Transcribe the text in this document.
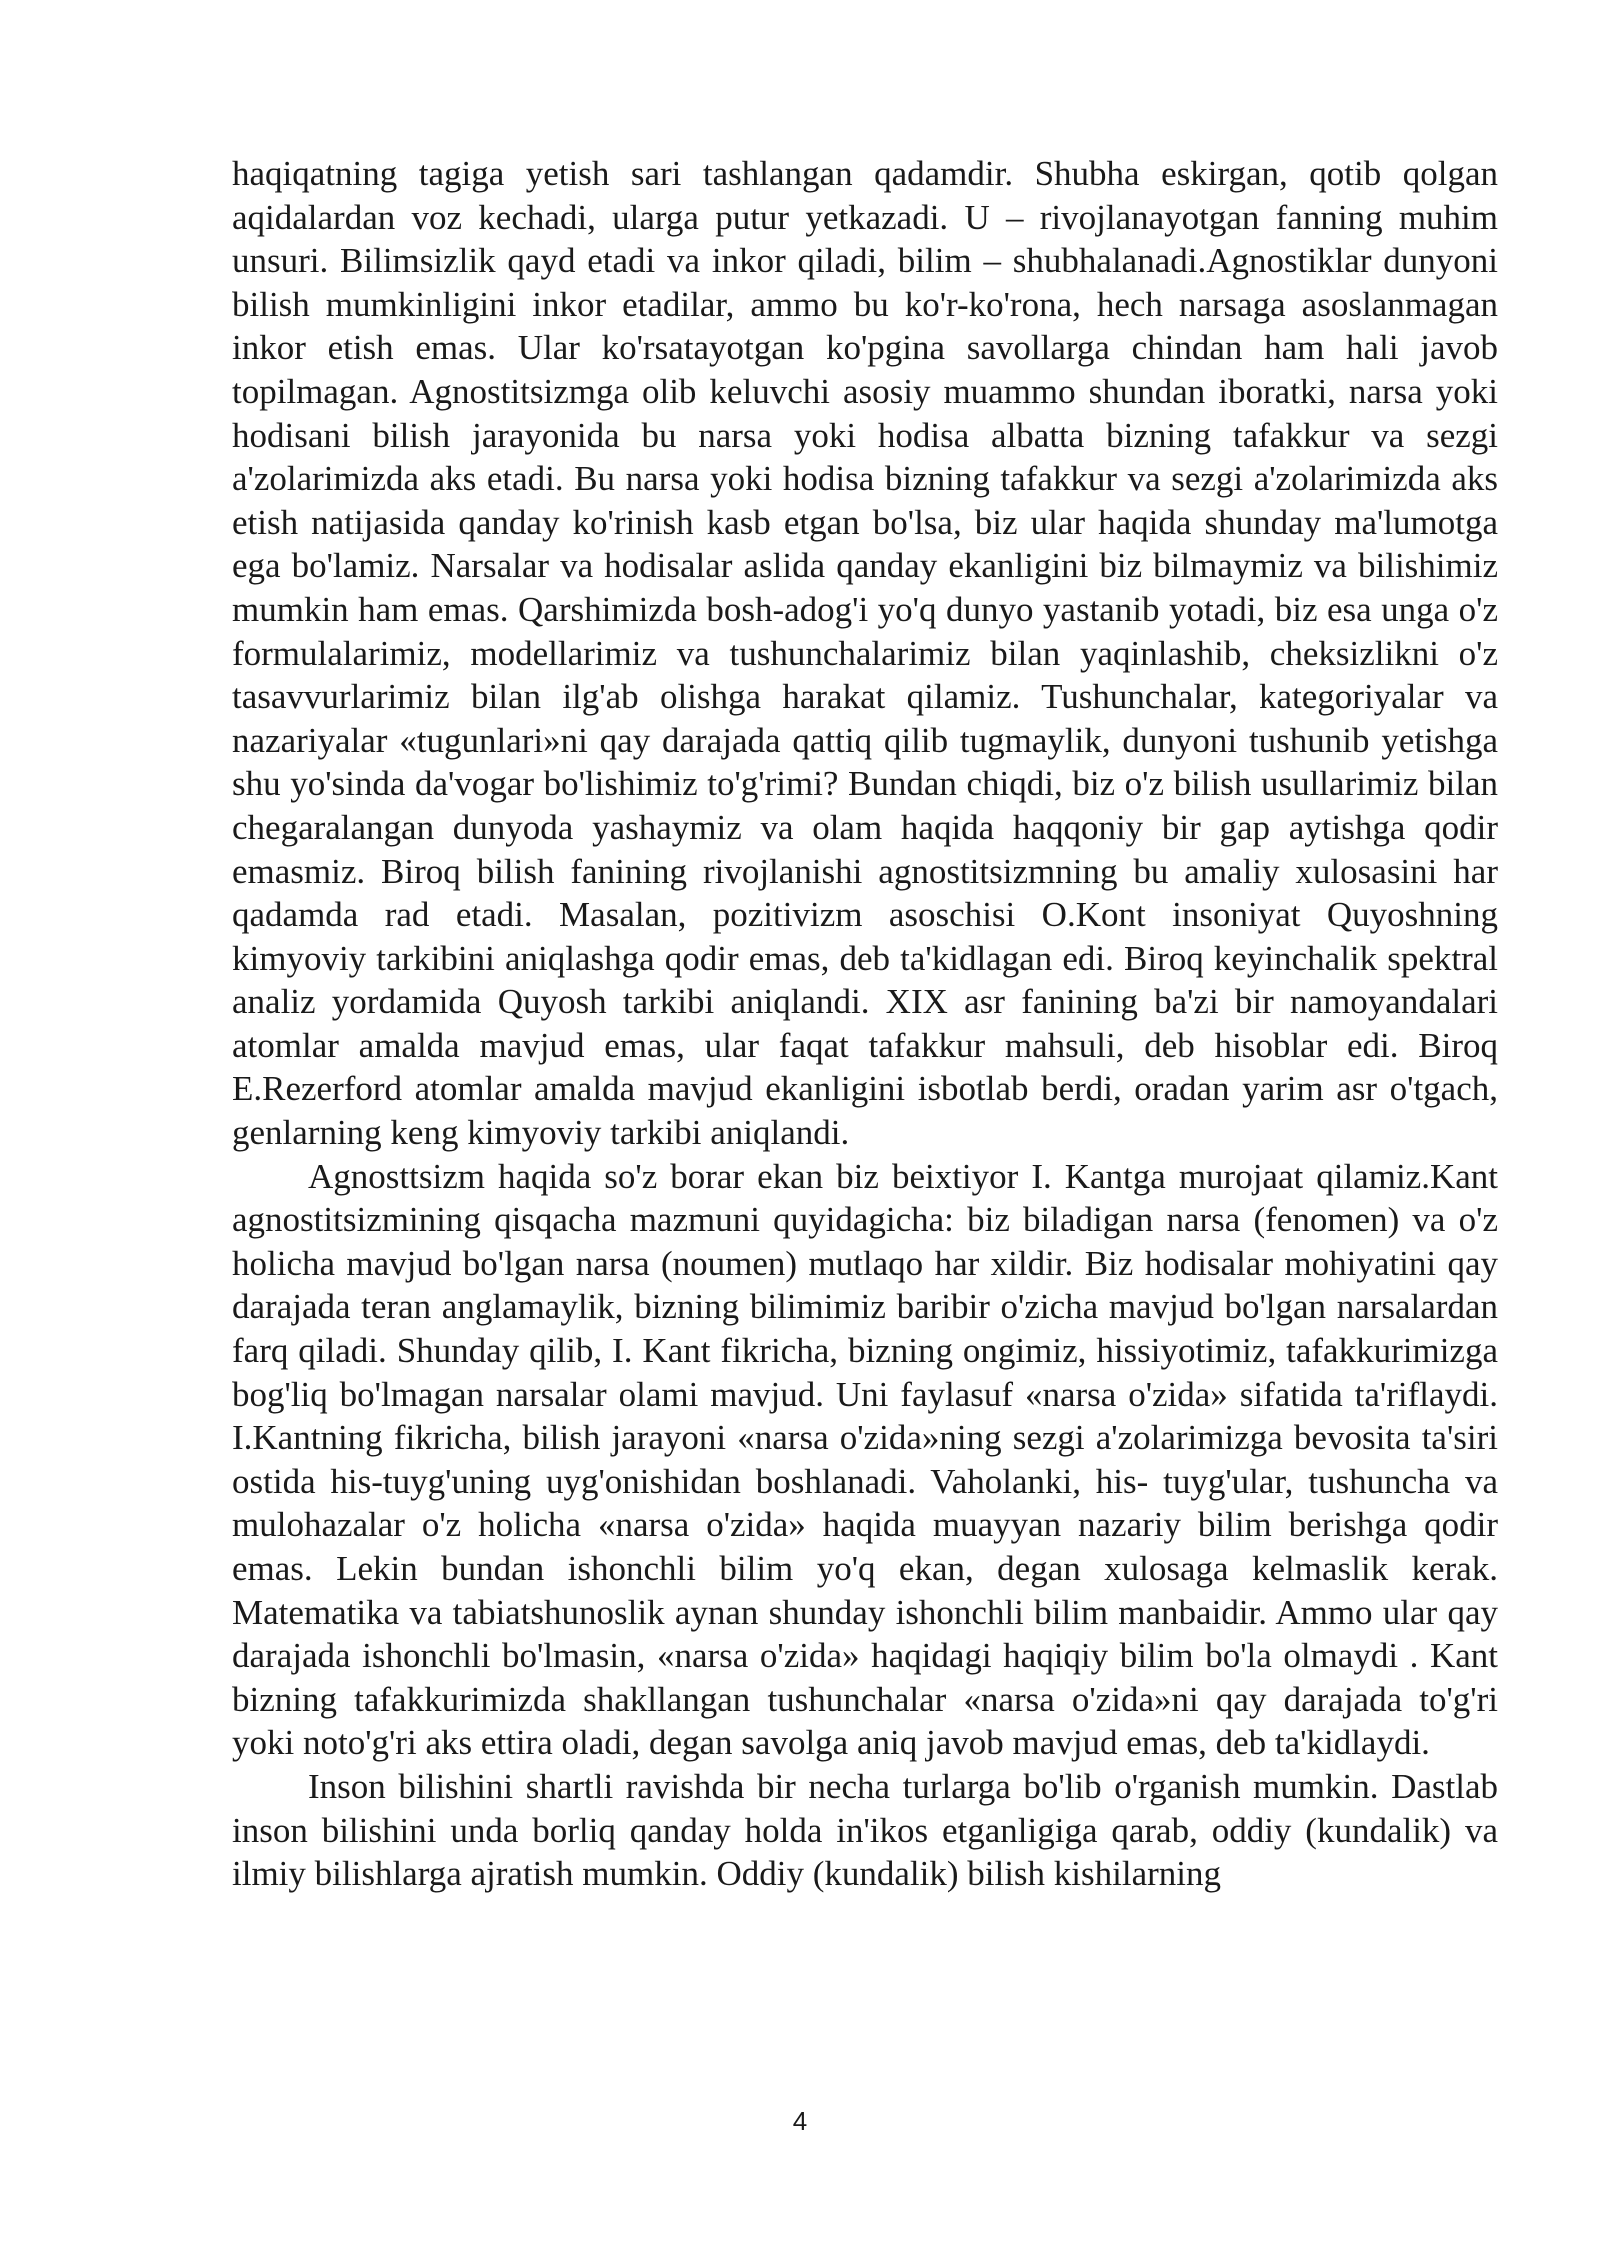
haqiqatning tagiga yetish sari tashlangan qadamdir. Shubha eskirgan, qotib qolgan aqidalardan voz kechadi, ularga putur yetkazadi. U – rivojlanayotgan fanning muhim unsuri. Bilimsizlik qayd etadi va inkor qiladi, bilim – shubhalanadi.Agnostiklar dunyoni bilish mumkinligini inkor etadilar, ammo bu ko'r-ko'rona, hech narsaga asoslanmagan inkor etish emas. Ular ko'rsatayotgan ko'pgina savollarga chindan ham hali javob topilmagan. Agnostitsizmga olib keluvchi asosiy muammo shundan iboratki, narsa yoki hodisani bilish jarayonida bu narsa yoki hodisa albatta bizning tafakkur va sezgi a'zolarimizda aks etadi. Bu narsa yoki hodisa bizning tafakkur va sezgi a'zolarimizda aks etish natijasida qanday ko'rinish kasb etgan bo'lsa, biz ular haqida shunday ma'lumotga ega bo'lamiz. Narsalar va hodisalar aslida qanday ekanligini biz bilmaymiz va bilishimiz mumkin ham emas. Qarshimizda bosh-adog'i yo'q dunyo yastanib yotadi, biz esa unga o'z formulalarimiz, modellarimiz va tushunchalarimiz bilan yaqinlashib, cheksizlikni o'z tasavvurlarimiz bilan ilg'ab olishga harakat qilamiz. Tushunchalar, kategoriyalar va nazariyalar «tugunlari»ni qay darajada qattiq qilib tugmaylik, dunyoni tushunib yetishga shu yo'sinda da'vogar bo'lishimiz to'g'rimi? Bundan chiqdi, biz o'z bilish usullarimiz bilan chegaralangan dunyoda yashaymiz va olam haqida haqqoniy bir gap aytishga qodir emasmiz. Biroq bilish fanining rivojlanishi agnostitsizmning bu amaliy xulosasini har qadamda rad etadi. Masalan, pozitivizm asoschisi O.Kont insoniyat Quyoshning kimyoviy tarkibini aniqlashga qodir emas, deb ta'kidlagan edi. Biroq keyinchalik spektral analiz yordamida Quyosh tarkibi aniqlandi. XIX asr fanining ba'zi bir namoyandalari atomlar amalda mavjud emas, ular faqat tafakkur mahsuli, deb hisoblar edi. Biroq E.Rezerford atomlar amalda mavjud ekanligini isbotlab berdi, oradan yarim asr o'tgach, genlarning keng kimyoviy tarkibi aniqlandi.

Agnosttsizm haqida so'z borar ekan biz beixtiyor I. Kantga murojaat qilamiz.Kant agnostitsizmining qisqacha mazmuni quyidagicha: biz biladigan narsa (fenomen) va o'z holicha mavjud bo'lgan narsa (noumen) mutlaqo har xildir. Biz hodisalar mohiyatini qay darajada teran anglamaylik, bizning bilimimiz baribir o'zicha mavjud bo'lgan narsalardan farq qiladi. Shunday qilib, I. Kant fikricha, bizning ongimiz, hissiyotimiz, tafakkurimizga bog'liq bo'lmagan narsalar olami mavjud. Uni faylasuf «narsa o'zida» sifatida ta'riflaydi. I.Kantning fikricha, bilish jarayoni «narsa o'zida»ning sezgi a'zolarimizga bevosita ta'siri ostida his-tuyg'uning uyg'onishidan boshlanadi. Vaholanki, his- tuyg'ular, tushuncha va mulohazalar o'z holicha «narsa o'zida» haqida muayyan nazariy bilim berishga qodir emas. Lekin bundan ishonchli bilim yo'q ekan, degan xulosaga kelmaslik kerak. Matematika va tabiatshunoslik aynan shunday ishonchli bilim manbaidir. Ammo ular qay darajada ishonchli bo'lmasin, «narsa o'zida» haqidagi haqiqiy bilim bo'la olmaydi . Kant bizning tafakkurimizda shakllangan tushunchalar «narsa o'zida»ni qay darajada to'g'ri yoki noto'g'ri aks ettira oladi, degan savolga aniq javob mavjud emas, deb ta'kidlaydi.

Inson bilishini shartli ravishda bir necha turlarga bo'lib o'rganish mumkin. Dastlab inson bilishini unda borliq qanday holda in'ikos etganligiga qarab, oddiy (kundalik) va ilmiy bilishlarga ajratish mumkin. Oddiy (kundalik) bilish kishilarning

4
